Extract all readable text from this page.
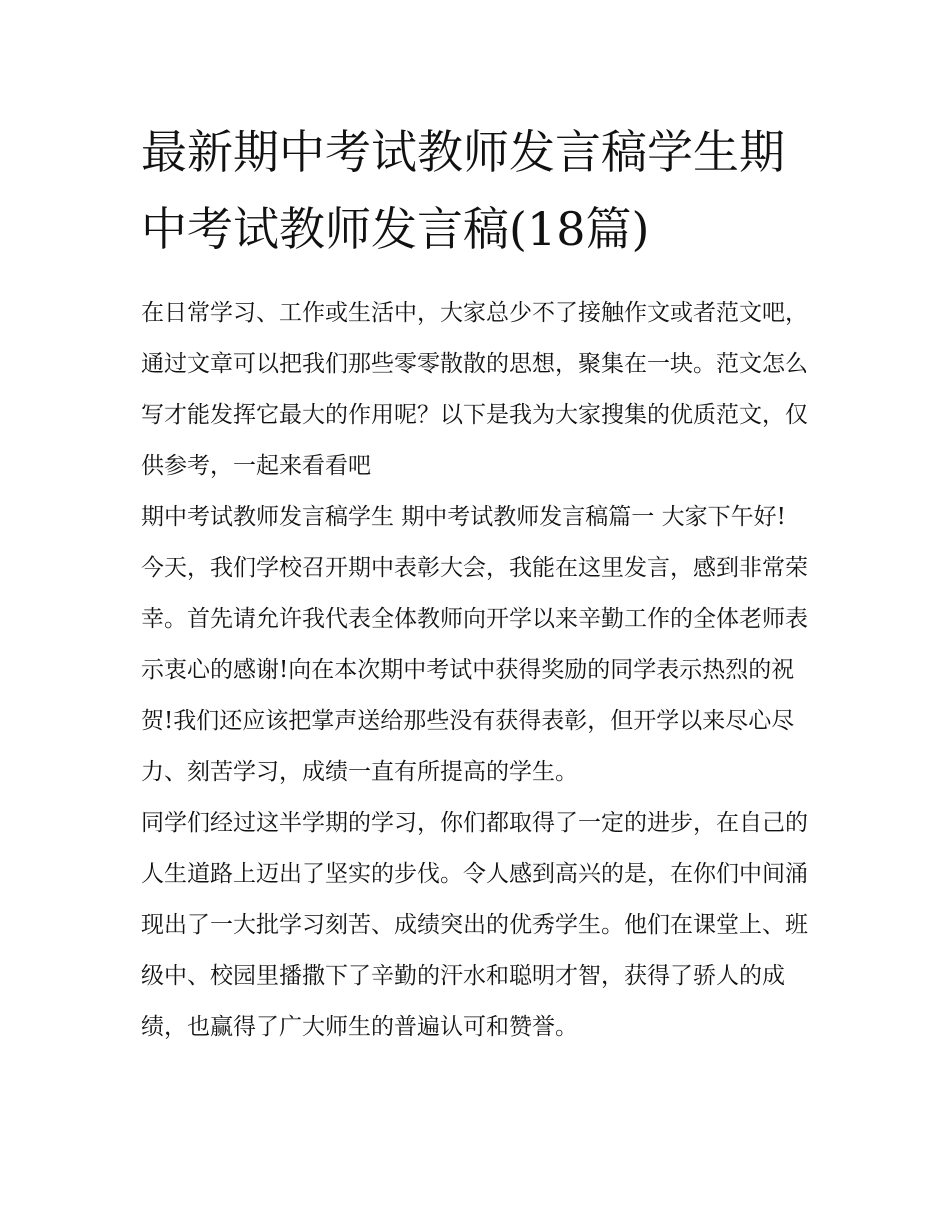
最新期中考试教师发言稿学生期中考试教师发言稿(18篇)

在日常学习、工作或生活中，大家总少不了接触作文或者范文吧，通过文章可以把我们那些零零散散的思想，聚集在一块。范文怎么写才能发挥它最大的作用呢？以下是我为大家搜集的优质范文，仅供参考，一起来看看吧

期中考试教师发言稿学生 期中考试教师发言稿篇一 大家下午好!

今天，我们学校召开期中表彰大会，我能在这里发言，感到非常荣幸。首先请允许我代表全体教师向开学以来辛勤工作的全体老师表示衷心的感谢!向在本次期中考试中获得奖励的同学表示热烈的祝贺!我们还应该把掌声送给那些没有获得表彰，但开学以来尽心尽力、刻苦学习，成绩一直有所提高的学生。

同学们经过这半学期的学习，你们都取得了一定的进步，在自己的人生道路上迈出了坚实的步伐。令人感到高兴的是，在你们中间涌现出了一大批学习刻苦、成绩突出的优秀学生。他们在课堂上、班级中、校园里播撒下了辛勤的汗水和聪明才智，获得了骄人的成绩，也赢得了广大师生的普遍认可和赞誉。
